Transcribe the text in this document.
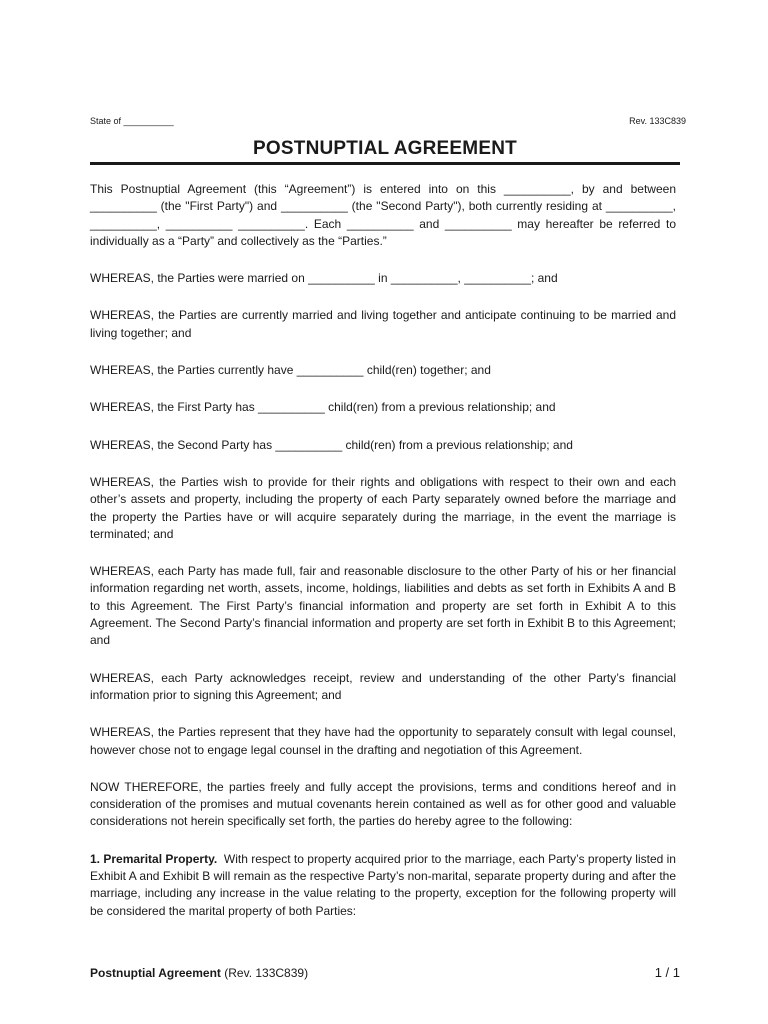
State of __________	Rev. 133C839
POSTNUPTIAL AGREEMENT

This Postnuptial Agreement (this “Agreement”) is entered into on this __________, by and between __________ (the "First Party") and __________ (the "Second Party"), both currently residing at __________, __________, __________ __________. Each __________ and __________ may hereafter be referred to individually as a “Party” and collectively as the “Parties.”

WHEREAS, the Parties were married on __________ in __________, __________; and

WHEREAS, the Parties are currently married and living together and anticipate continuing to be married and living together; and

WHEREAS, the Parties currently have __________ child(ren) together; and

WHEREAS, the First Party has __________ child(ren) from a previous relationship; and

WHEREAS, the Second Party has __________ child(ren) from a previous relationship; and

WHEREAS, the Parties wish to provide for their rights and obligations with respect to their own and each other’s assets and property, including the property of each Party separately owned before the marriage and the property the Parties have or will acquire separately during the marriage, in the event the marriage is terminated; and

WHEREAS, each Party has made full, fair and reasonable disclosure to the other Party of his or her financial information regarding net worth, assets, income, holdings, liabilities and debts as set forth in Exhibits A and B to this Agreement. The First Party’s financial information and property are set forth in Exhibit A to this Agreement. The Second Party’s financial information and property are set forth in Exhibit B to this Agreement; and

WHEREAS, each Party acknowledges receipt, review and understanding of the other Party’s financial information prior to signing this Agreement; and

WHEREAS, the Parties represent that they have had the opportunity to separately consult with legal counsel, however chose not to engage legal counsel in the drafting and negotiation of this Agreement.

NOW THEREFORE, the parties freely and fully accept the provisions, terms and conditions hereof and in consideration of the promises and mutual covenants herein contained as well as for other good and valuable considerations not herein specifically set forth, the parties do hereby agree to the following:

1. Premarital Property. With respect to property acquired prior to the marriage, each Party’s property listed in Exhibit A and Exhibit B will remain as the respective Party’s non-marital, separate property during and after the marriage, including any increase in the value relating to the property, exception for the following property will be considered the marital property of both Parties:

Postnuptial Agreement (Rev. 133C839)	1 / 1
